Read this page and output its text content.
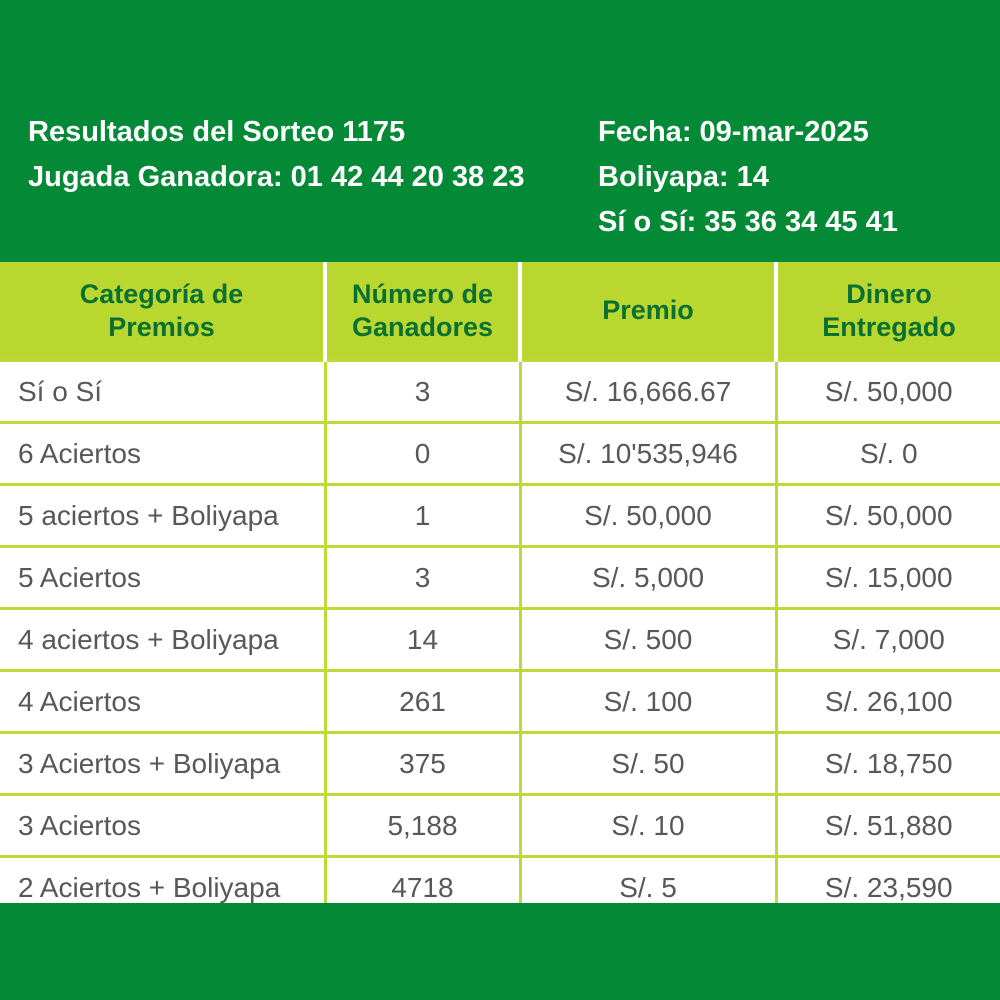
Resultados del Sorteo 1175
Jugada Ganadora: 01 42 44 20 38 23
Fecha: 09-mar-2025
Boliyapa: 14
Sí o Sí: 35 36 34 45 41
Categoría de Premios	Número de Ganadores	Premio	Dinero Entregado
Sí o Sí	3	S/. 16,666.67	S/. 50,000
6 Aciertos	0	S/. 10'535,946	S/. 0
5 aciertos + Boliyapa	1	S/. 50,000	S/. 50,000
5 Aciertos	3	S/. 5,000	S/. 15,000
4 aciertos + Boliyapa	14	S/. 500	S/. 7,000
4 Aciertos	261	S/. 100	S/. 26,100
3 Aciertos + Boliyapa	375	S/. 50	S/. 18,750
3 Aciertos	5,188	S/. 10	S/. 51,880
2 Aciertos + Boliyapa	4718	S/. 5	S/. 23,590
